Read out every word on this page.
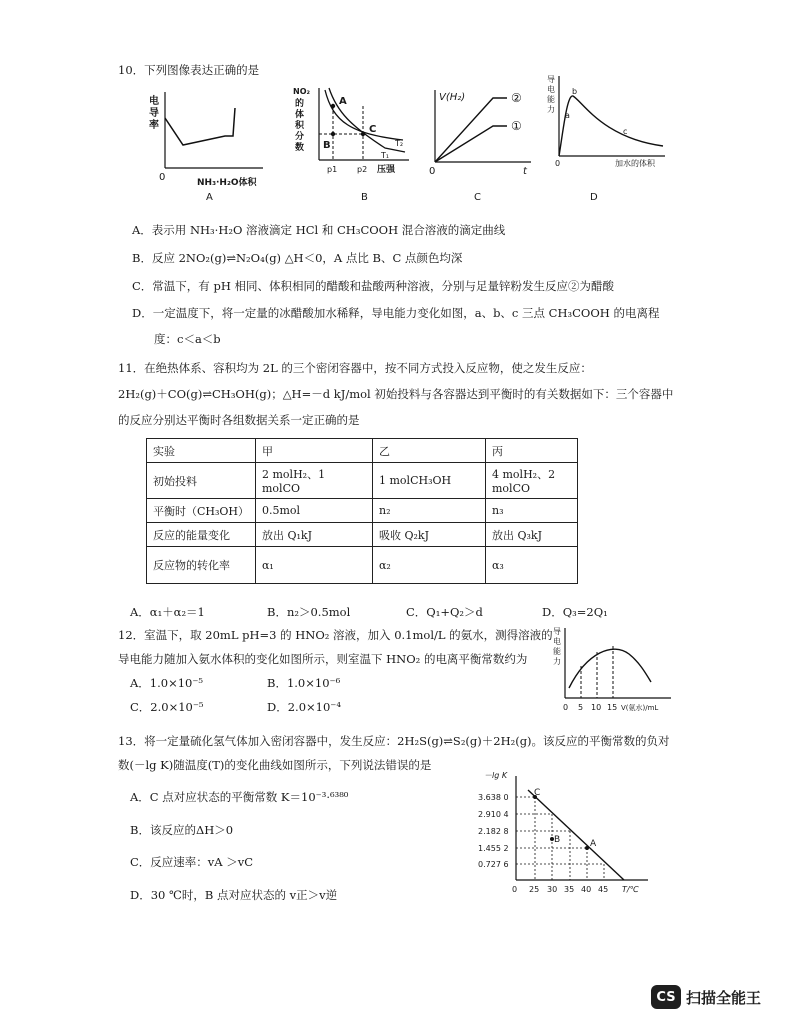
10．下列图像表达正确的是
电
导
率
0	NH₃·H₂O体积
A
A
B
C
T₂
T₁
NO₂
的
体
积
分
数
p1 p2 压强
B
V(H₂)	②
①
0	t
C
导
电
能
力
b
a
c
0	加水的体积
D
A．表示用 NH₃·H₂O 溶液滴定 HCl 和 CH₃COOH 混合溶液的滴定曲线
B．反应 2NO₂(g)⇌N₂O₄(g) △H＜0，A 点比 B、C 点颜色均深
C．常温下，有 pH 相同、体积相同的醋酸和盐酸两种溶液，分别与足量锌粉发生反应②为醋酸
D．一定温度下，将一定量的冰醋酸加水稀释，导电能力变化如图，a、b、c 三点 CH₃COOH 的电离程
度：c＜a＜b
11．在绝热体系、容积均为 2L 的三个密闭容器中，按不同方式投入反应物，使之发生反应：
2H₂(g)＋CO(g)⇌CH₃OH(g)；△H=－d kJ/mol 初始投料与各容器达到平衡时的有关数据如下：三个容器中
的反应分别达平衡时各组数据关系一定正确的是
实验	甲	乙	丙
初始投料	2 molH₂、1 molCO	1 molCH₃OH	4 molH₂、2 molCO
平衡时（CH₃OH）	0.5mol	n₂	n₃
反应的能量变化	放出 Q₁kJ	吸收 Q₂kJ	放出 Q₃kJ
反应物的转化率	α₁	α₂	α₃
A．α₁＋α₂＝1	B．n₂＞0.5mol	C．Q₁+Q₂＞d	D．Q₃=2Q₁
12．室温下，取 20mL pH=3 的 HNO₂ 溶液，加入 0.1mol/L 的氨水，测得溶液的
导电能力随加入氨水体积的变化如图所示，则室温下 HNO₂ 的电离平衡常数约为
A．1.0×10⁻⁵	B．1.0×10⁻⁶
C．2.0×10⁻⁵	D．2.0×10⁻⁴
导
电
能
力
0 5 10 15 V(氨水)/mL
13．将一定量硫化氢气体加入密闭容器中，发生反应：2H₂S(g)⇌S₂(g)＋2H₂(g)。该反应的平衡常数的负对
数(－lg K)随温度(T)的变化曲线如图所示，下列说法错误的是
A．C 点对应状态的平衡常数 K＝10⁻³·⁶³⁸⁰
B．该反应的ΔH＞0
C．反应速率：vA ＞vC
D．30 ℃时，B 点对应状态的 v正＞v逆
C
B	A
－lg K
3.638 0
2.910 4
2.182 8
1.455 2
0.727 6
0 25 30 35 40 45 T/℃
CS 扫描全能王
